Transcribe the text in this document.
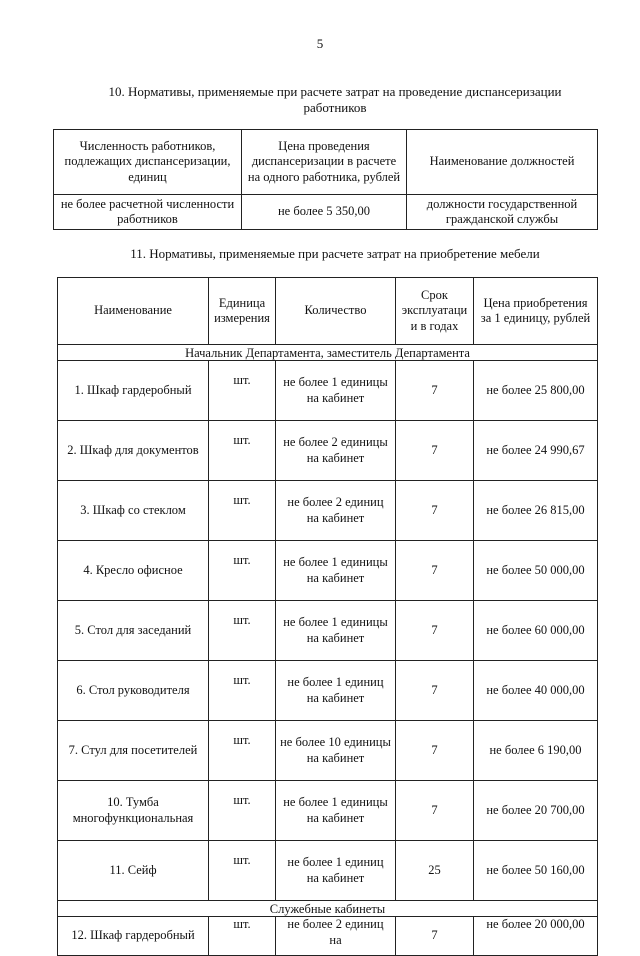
5
10. Нормативы, применяемые при расчете затрат на проведение диспансеризации
работников
Численность работников, подлежащих диспансеризации, единиц	Цена проведения диспансеризации в расчете на одного работника, рублей	Наименование должностей
не более расчетной численности работников	не более 5 350,00	должности государственной гражданской службы
11. Нормативы, применяемые при расчете затрат на приобретение мебели
Наименование	Единица измерения	Количество	Срок эксплуатаци и в годах	Цена приобретения за 1 единицу, рублей
Начальник Департамента, заместитель Департамента				
1. Шкаф гардеробный	шт.	не более 1 единицы на кабинет	7	не более 25 800,00
2. Шкаф для документов	шт.	не более 2 единицы на кабинет	7	не более 24 990,67
3. Шкаф со стеклом	шт.	не более 2 единиц на кабинет	7	не более 26 815,00
4. Кресло офисное	шт.	не более 1 единицы на кабинет	7	не более 50 000,00
5. Стол для заседаний	шт.	не более 1 единицы на кабинет	7	не более 60 000,00
6. Стол руководителя	шт.	не более 1 единиц на кабинет	7	не более 40 000,00
7. Стул для посетителей	шт.	не более 10 единицы на кабинет	7	не более 6 190,00
10. Тумба многофункциональная	шт.	не более 1 единицы на кабинет	7	не более 20 700,00
11. Сейф	шт.	не более 1 единиц на кабинет	25	не более 50 160,00
Служебные кабинеты				
12. Шкаф гардеробный	шт.	не более 2 единиц на	7	не более 20 000,00
